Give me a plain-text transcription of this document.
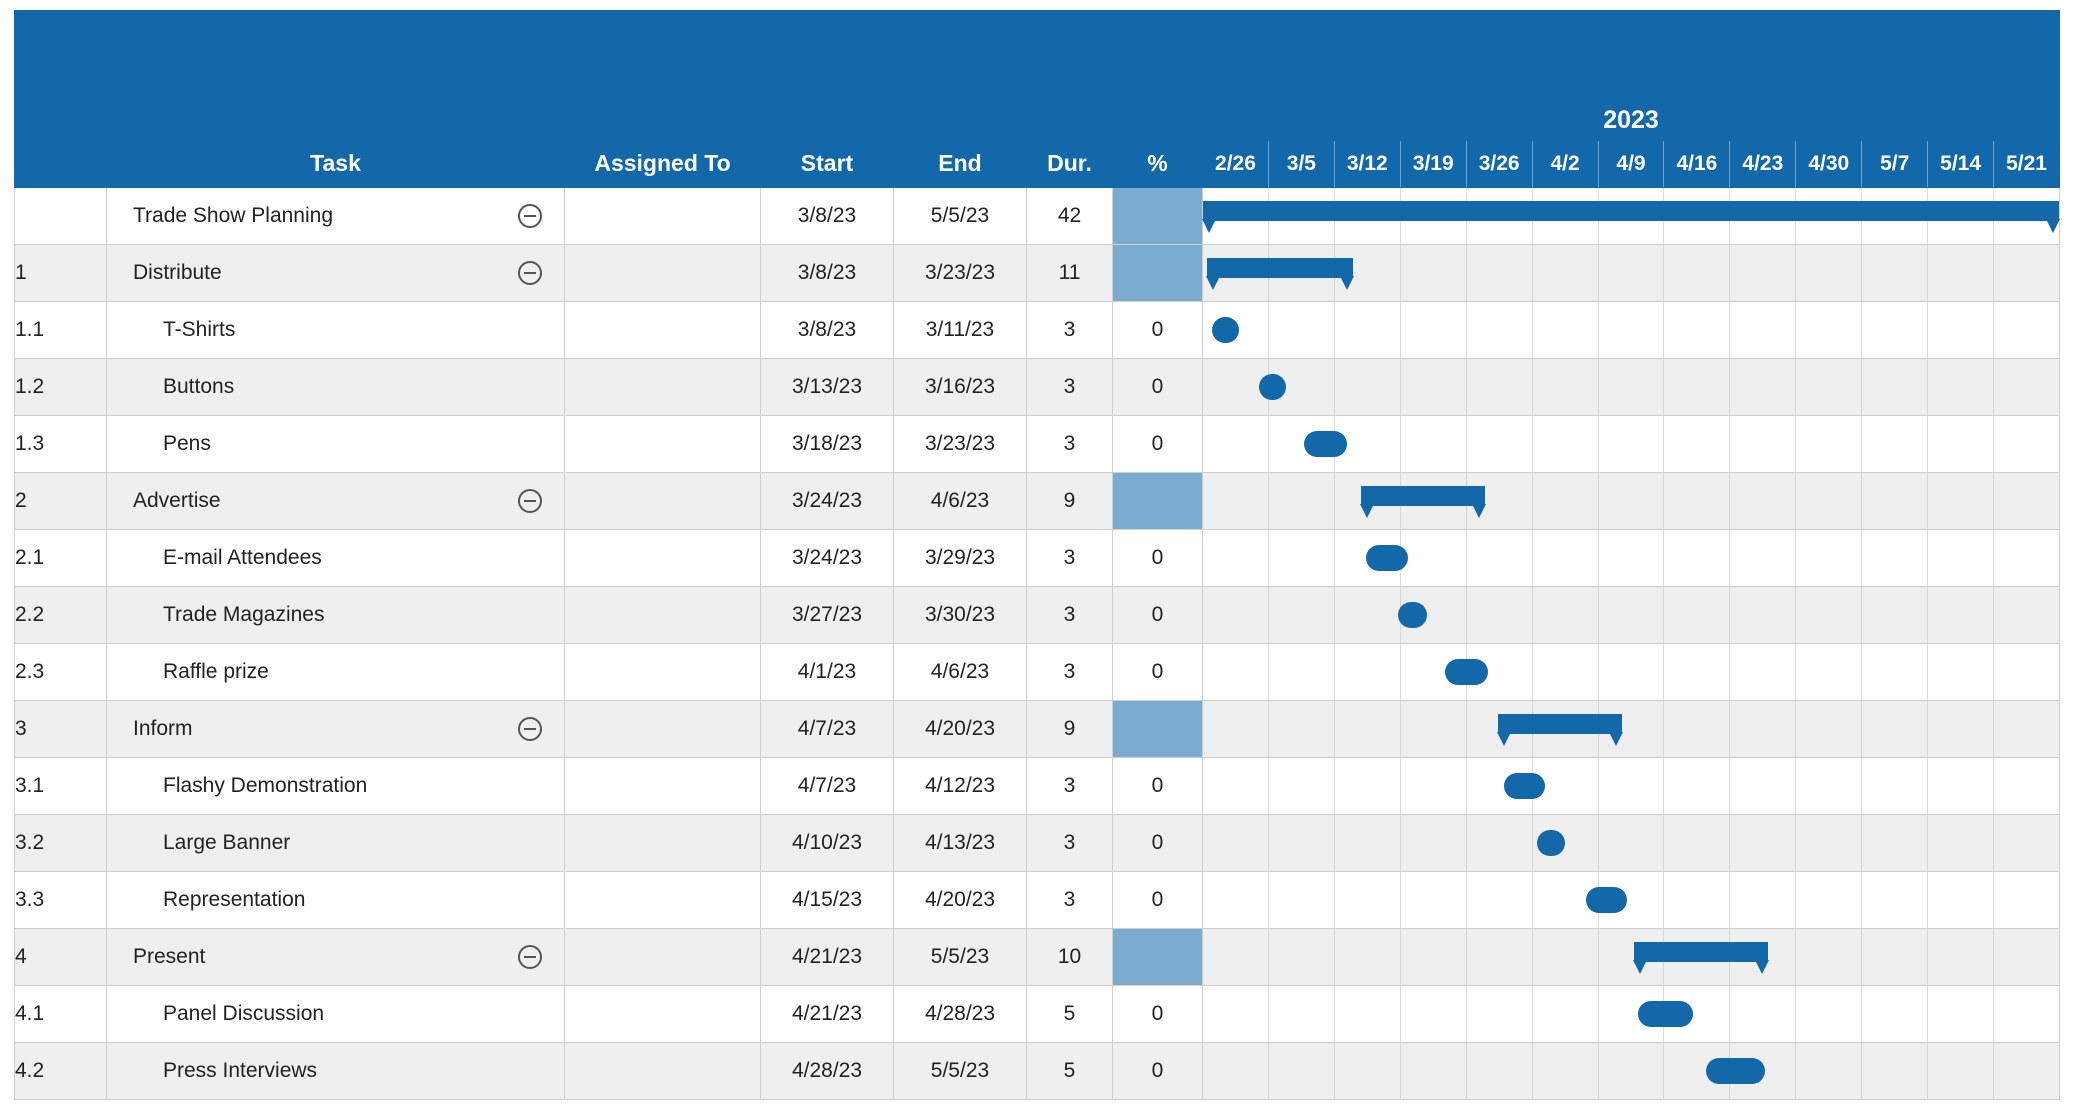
	Task	Assigned To	Start	End	Dur.	%	
2023
2/26	3/5	3/12	3/19	3/26	4/2	4/9	4/16	4/23	4/30	5/7	5/14	5/21

	Trade Show Planning		3/8/23	5/5/23	42		

1	Distribute		3/8/23	3/23/23	11		

1.1	T-Shirts		3/8/23	3/11/23	3	0	

1.2	Buttons		3/13/23	3/16/23	3	0	

1.3	Pens		3/18/23	3/23/23	3	0	

2	Advertise		3/24/23	4/6/23	9		

2.1	E-mail Attendees		3/24/23	3/29/23	3	0	

2.2	Trade Magazines		3/27/23	3/30/23	3	0	

2.3	Raffle prize		4/1/23	4/6/23	3	0	

3	Inform		4/7/23	4/20/23	9		

3.1	Flashy Demonstration		4/7/23	4/12/23	3	0	

3.2	Large Banner		4/10/23	4/13/23	3	0	

3.3	Representation		4/15/23	4/20/23	3	0	

4	Present		4/21/23	5/5/23	10		

4.1	Panel Discussion		4/21/23	4/28/23	5	0	

4.2	Press Interviews		4/28/23	5/5/23	5	0	
